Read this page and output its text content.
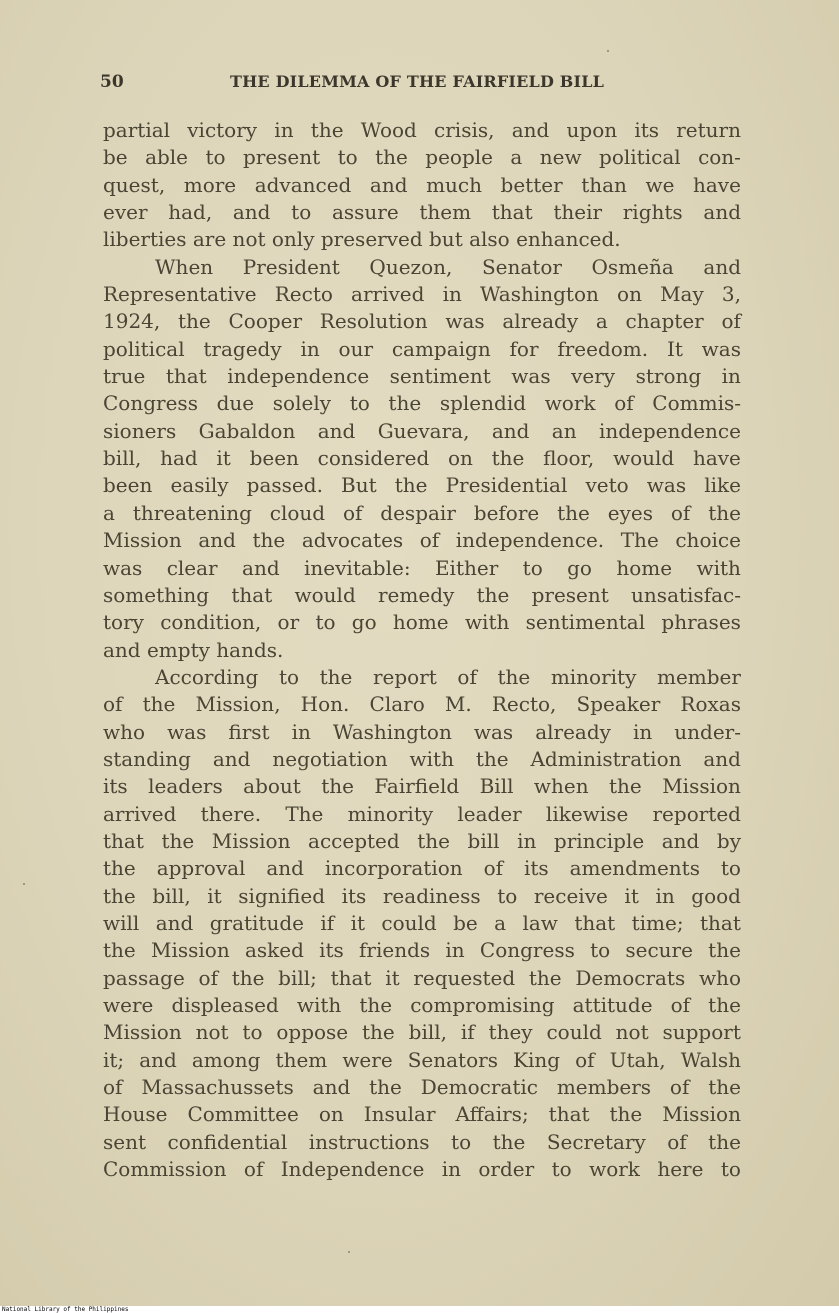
50	THE DILEMMA OF THE FAIRFIELD BILL
partial victory in the Wood crisis, and upon its return
be able to present to the people a new political con-
quest, more advanced and much better than we have
ever had, and to assure them that their rights and
liberties are not only preserved but also enhanced.
When President Quezon, Senator Osmeña and
Representative Recto arrived in Washington on May 3,
1924, the Cooper Resolution was already a chapter of
political tragedy in our campaign for freedom. It was
true that independence sentiment was very strong in
Congress due solely to the splendid work of Commis-
sioners Gabaldon and Guevara, and an independence
bill, had it been considered on the floor, would have
been easily passed. But the Presidential veto was like
a threatening cloud of despair before the eyes of the
Mission and the advocates of independence. The choice
was clear and inevitable: Either to go home with
something that would remedy the present unsatisfac-
tory condition, or to go home with sentimental phrases
and empty hands.
According to the report of the minority member
of the Mission, Hon. Claro M. Recto, Speaker Roxas
who was first in Washington was already in under-
standing and negotiation with the Administration and
its leaders about the Fairfield Bill when the Mission
arrived there. The minority leader likewise reported
that the Mission accepted the bill in principle and by
the approval and incorporation of its amendments to
the bill, it signified its readiness to receive it in good
will and gratitude if it could be a law that time; that
the Mission asked its friends in Congress to secure the
passage of the bill; that it requested the Democrats who
were displeased with the compromising attitude of the
Mission not to oppose the bill, if they could not support
it; and among them were Senators King of Utah, Walsh
of Massachussets and the Democratic members of the
House Committee on Insular Affairs; that the Mission
sent confidential instructions to the Secretary of the
Commission of Independence in order to work here to
National Library of the Philippines
